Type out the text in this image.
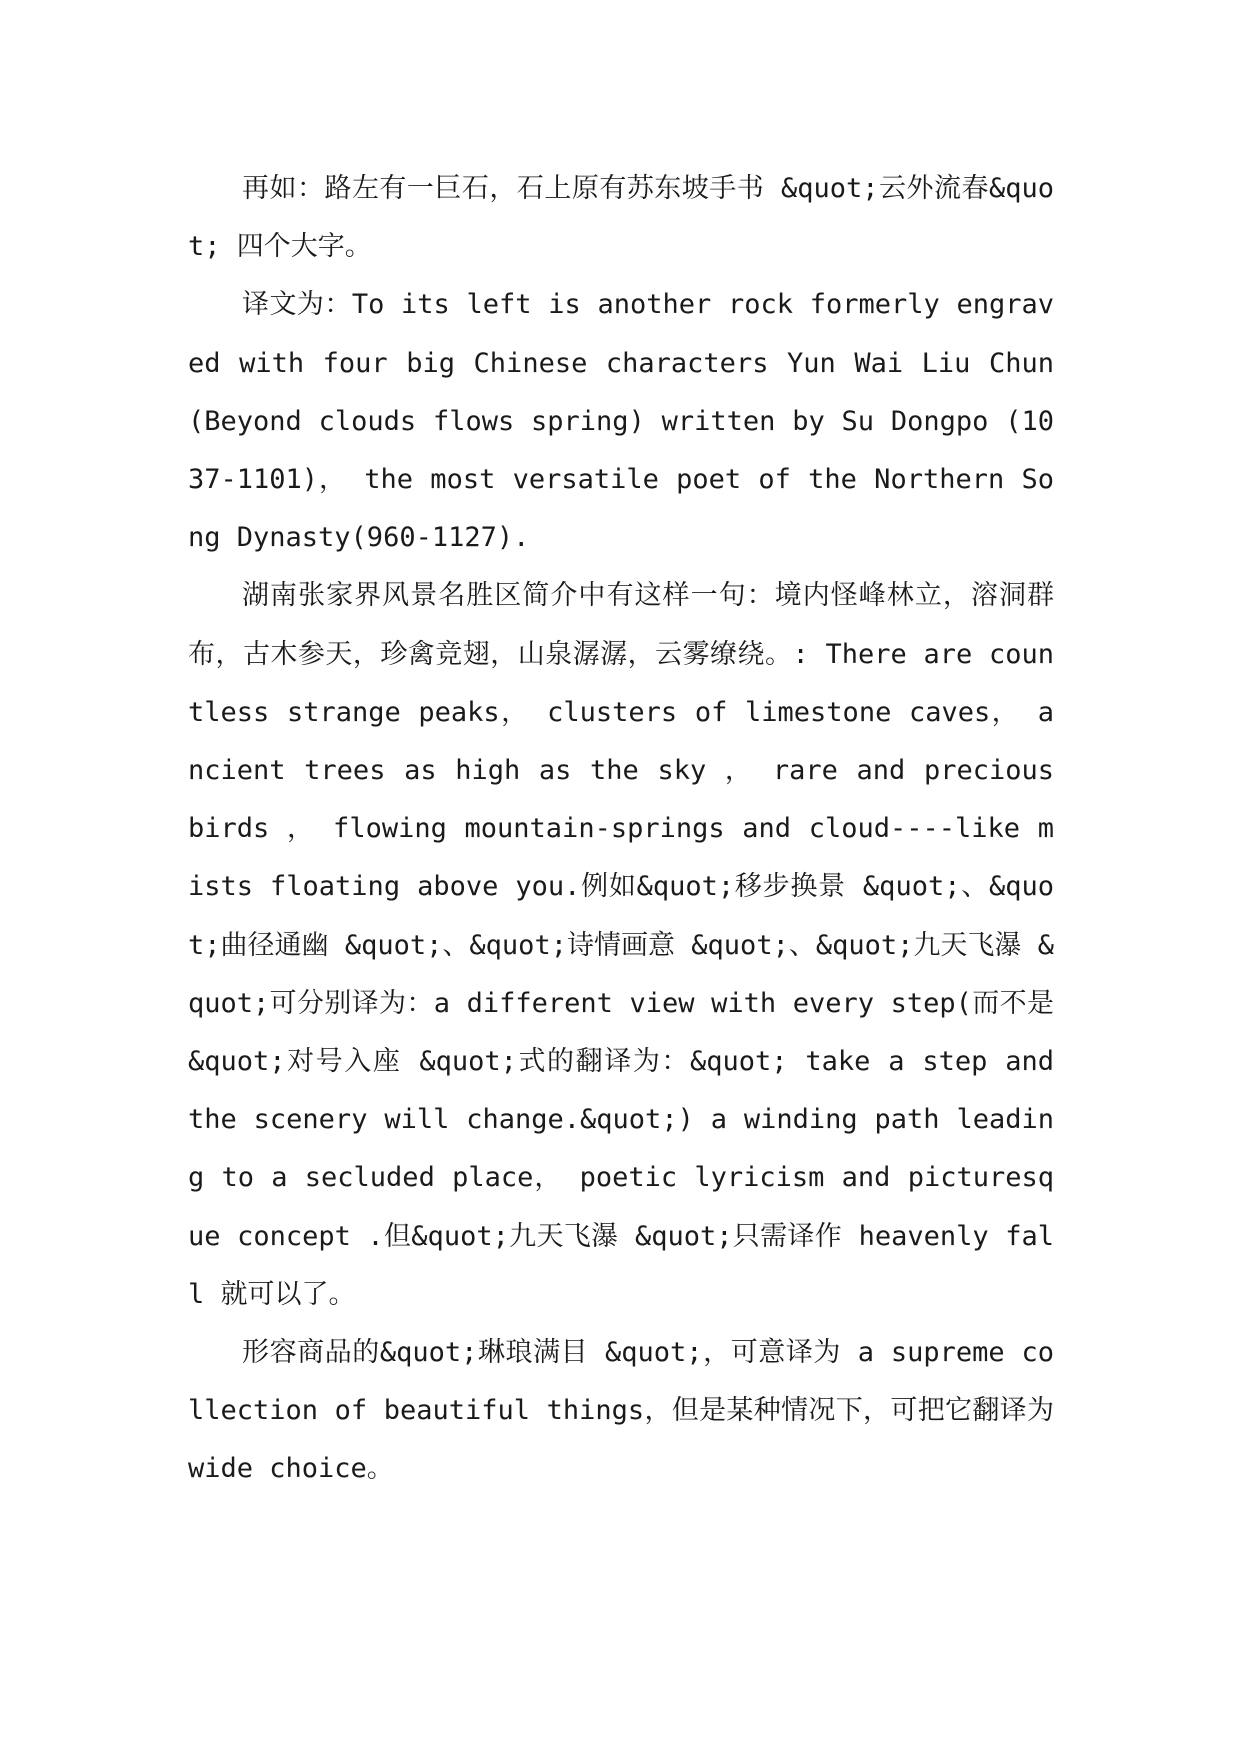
再如：路左有一巨石，石上原有苏东坡手书 &quot;云外流春&quot; 四个大字。

译文为：To its left is another rock formerly engraved with four big Chinese characters Yun Wai Liu Chun(Beyond clouds flows spring) written by Su Dongpo (1037-1101)， the most versatile poet of the Northern Song Dynasty(960-1127).

湖南张家界风景名胜区简介中有这样一句：境内怪峰林立，溶洞群布，古木参天，珍禽竞翅，山泉潺潺，云雾缭绕。: There are countless strange peaks， clusters of limestone caves， ancient trees as high as the sky ， rare and precious birds ， flowing mountain-springs and cloud----like mists floating above you.例如&quot;移步换景 &quot;、&quot;曲径通幽 &quot;、&quot;诗情画意 &quot;、&quot;九天飞瀑 &quot;可分别译为：a different view with every step(而不是&quot;对号入座 &quot;式的翻译为：&quot; take a step and the scenery will change.&quot;) a winding path leading to a secluded place， poetic lyricism and picturesque concept .但&quot;九天飞瀑 &quot;只需译作 heavenly fall 就可以了。

形容商品的&quot;琳琅满目 &quot;，可意译为 a supreme collection of beautiful things，但是某种情况下，可把它翻译为 wide choice。
